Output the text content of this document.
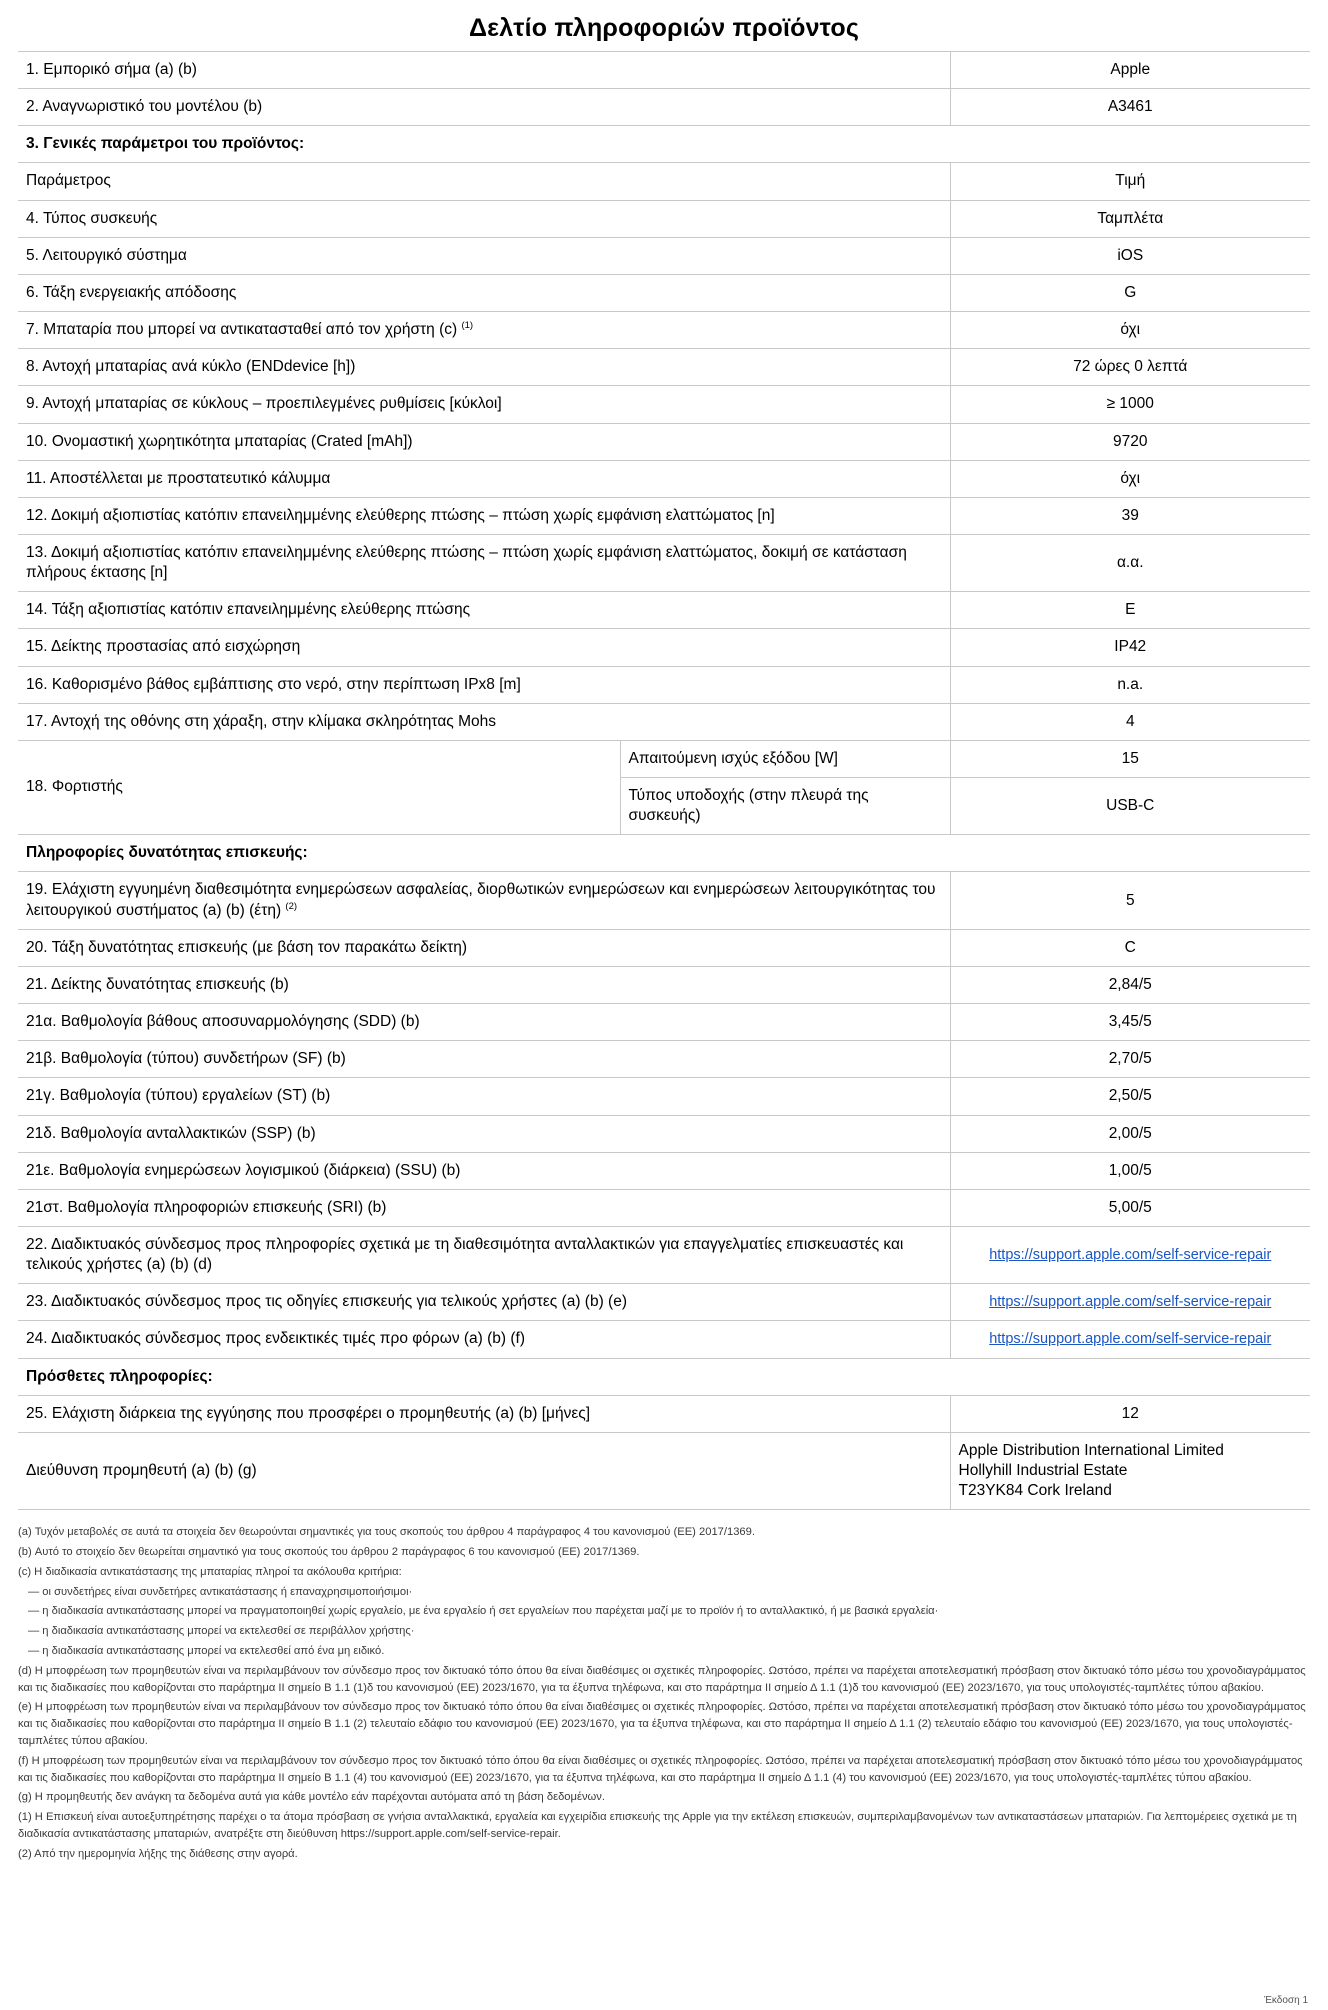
Δελτίο πληροφοριών προϊόντος
1. Εμπορικό σήμα (a) (b)		Apple
2. Αναγνωριστικό του μοντέλου (b)		A3461
3. Γενικές παράμετροι του προϊόντος:		
Παράμετρος		Τιμή
4. Τύπος συσκευής		Ταμπλέτα
5. Λειτουργικό σύστημα		iOS
6. Τάξη ενεργειακής απόδοσης		G
7. Μπαταρία που μπορεί να αντικατασταθεί από τον χρήστη (c) $^{(1)}$		όχι
8. Αντοχή μπαταρίας ανά κύκλο (ENDdevice [h])		72 ώρες 0 λεπτά
9. Αντοχή μπαταρίας σε κύκλους – προεπιλεγμένες ρυθμίσεις [κύκλοι]		≥ 1000
10. Ονομαστική χωρητικότητα μπαταρίας (Crated [mAh])		9720
11. Αποστέλλεται με προστατευτικό κάλυμμα		όχι
12. Δοκιμή αξιοπιστίας κατόπιν επανειλημμένης ελεύθερης πτώσης – πτώση χωρίς εμφάνιση ελαττώματος [n]		39
13. Δοκιμή αξιοπιστίας κατόπιν επανειλημμένης ελεύθερης πτώσης – πτώση χωρίς εμφάνιση ελαττώματος, δοκιμή σε κατάσταση πλήρους έκτασης [n]		α.α.
14. Τάξη αξιοπιστίας κατόπιν επανειλημμένης ελεύθερης πτώσης		E
15. Δείκτης προστασίας από εισχώρηση		IP42
16. Καθορισμένο βάθος εμβάπτισης στο νερό, στην περίπτωση IPx8 [m]		n.a.
17. Αντοχή της οθόνης στη χάραξη, στην κλίμακα σκληρότητας Mohs		4
18. Φορτιστής	Απαιτούμενη ισχύς εξόδου [W]	15
	Τύπος υποδοχής (στην πλευρά της συσκευής)	USB-C
Πληροφορίες δυνατότητας επισκευής:		
19. Ελάχιστη εγγυημένη διαθεσιμότητα ενημερώσεων ασφαλείας, διορθωτικών ενημερώσεων και ενημερώσεων λειτουργικότητας του λειτουργικού συστήματος (a) (b) (έτη) $^{(2)}$		5
20. Τάξη δυνατότητας επισκευής (με βάση τον παρακάτω δείκτη)		C
21. Δείκτης δυνατότητας επισκευής (b)		2,84/5
21α. Βαθμολογία βάθους αποσυναρμολόγησης (SDD) (b)		3,45/5
21β. Βαθμολογία (τύπου) συνδετήρων (SF) (b)		2,70/5
21γ. Βαθμολογία (τύπου) εργαλείων (ST) (b)		2,50/5
21δ. Βαθμολογία ανταλλακτικών (SSP) (b)		2,00/5
21ε. Βαθμολογία ενημερώσεων λογισμικού (διάρκεια) (SSU) (b)		1,00/5
21στ. Βαθμολογία πληροφοριών επισκευής (SRI) (b)		5,00/5
22. Διαδικτυακός σύνδεσμος προς πληροφορίες σχετικά με τη διαθεσιμότητα ανταλλακτικών για επαγγελματίες επισκευαστές και τελικούς χρήστες (a) (b) (d)		https://support.apple.com/self-service-repair
23. Διαδικτυακός σύνδεσμος προς τις οδηγίες επισκευής για τελικούς χρήστες (a) (b) (e)		https://support.apple.com/self-service-repair
24. Διαδικτυακός σύνδεσμος προς ενδεικτικές τιμές προ φόρων (a) (b) (f)		https://support.apple.com/self-service-repair
Πρόσθετες πληροφορίες:		
25. Ελάχιστη διάρκεια της εγγύησης που προσφέρει ο προμηθευτής (a) (b) [μήνες]		12
Διεύθυνση προμηθευτή (a) (b) (g)		Apple Distribution International Limited
Hollyhill Industrial Estate
T23YK84 Cork Ireland

(a) Τυχόν μεταβολές σε αυτά τα στοιχεία δεν θεωρούνται σημαντικές για τους σκοπούς του άρθρου 4 παράγραφος 4 του κανονισμού (ΕΕ) 2017/1369.

(b) Αυτό το στοιχείο δεν θεωρείται σημαντικό για τους σκοπούς του άρθρου 2 παράγραφος 6 του κανονισμού (ΕΕ) 2017/1369.

(c) Η διαδικασία αντικατάστασης της μπαταρίας πληροί τα ακόλουθα κριτήρια:

— οι συνδετήρες είναι συνδετήρες αντικατάστασης ή επαναχρησιμοποιήσιμοι·

— η διαδικασία αντικατάστασης μπορεί να πραγματοποιηθεί χωρίς εργαλείο, με ένα εργαλείο ή σετ εργαλείων που παρέχεται μαζί με το προϊόν ή το ανταλλακτικό, ή με βασικά εργαλεία·

— η διαδικασία αντικατάστασης μπορεί να εκτελεσθεί σε περιβάλλον χρήστης·

— η διαδικασία αντικατάστασης μπορεί να εκτελεσθεί από ένα μη ειδικό.

(d) Η μποφρέωση των προμηθευτών είναι να περιλαμβάνουν τον σύνδεσμο προς τον δικτυακό τόπο όπου θα είναι διαθέσιμες οι σχετικές πληροφορίες. Ωστόσο, πρέπει να παρέχεται αποτελεσματική πρόσβαση στον δικτυακό τόπο μέσω του χρονοδιαγράμματος και τις διαδικασίες που καθορίζονται στο παράρτημα II σημείο B 1.1 (1)δ του κανονισμού (ΕΕ) 2023/1670, για τα έξυπνα τηλέφωνα, και στο παράρτημα II σημείο Δ 1.1 (1)δ του κανονισμού (ΕΕ) 2023/1670, για τους υπολογιστές-ταμπλέτες τύπου αβακίου.

(e) Η μποφρέωση των προμηθευτών είναι να περιλαμβάνουν τον σύνδεσμο προς τον δικτυακό τόπο όπου θα είναι διαθέσιμες οι σχετικές πληροφορίες. Ωστόσο, πρέπει να παρέχεται αποτελεσματική πρόσβαση στον δικτυακό τόπο μέσω του χρονοδιαγράμματος και τις διαδικασίες που καθορίζονται στο παράρτημα II σημείο B 1.1 (2) τελευταίο εδάφιο του κανονισμού (ΕΕ) 2023/1670, για τα έξυπνα τηλέφωνα, και στο παράρτημα II σημείο Δ 1.1 (2) τελευταίο εδάφιο του κανονισμού (ΕΕ) 2023/1670, για τους υπολογιστές-ταμπλέτες τύπου αβακίου.

(f) Η μποφρέωση των προμηθευτών είναι να περιλαμβάνουν τον σύνδεσμο προς τον δικτυακό τόπο όπου θα είναι διαθέσιμες οι σχετικές πληροφορίες. Ωστόσο, πρέπει να παρέχεται αποτελεσματική πρόσβαση στον δικτυακό τόπο μέσω του χρονοδιαγράμματος και τις διαδικασίες που καθορίζονται στο παράρτημα II σημείο B 1.1 (4) του κανονισμού (ΕΕ) 2023/1670, για τα έξυπνα τηλέφωνα, και στο παράρτημα II σημείο Δ 1.1 (4) του κανονισμού (ΕΕ) 2023/1670, για τους υπολογιστές-ταμπλέτες τύπου αβακίου.

(g) Η προμηθευτής δεν ανάγκη τα δεδομένα αυτά για κάθε μοντέλο εάν παρέχονται αυτόματα από τη βάση δεδομένων.

(1) Η Επισκευή είναι αυτοεξυπηρέτησης παρέχει ο τα άτομα πρόσβαση σε γνήσια ανταλλακτικά, εργαλεία και εγχειρίδια επισκευής της Apple για την εκτέλεση επισκευών, συμπεριλαμβανομένων των αντικαταστάσεων μπαταριών. Για λεπτομέρειες σχετικά με τη διαδικασία αντικατάστασης μπαταριών, ανατρέξτε στη διεύθυνση https://support.apple.com/self-service-repair.

(2) Από την ημερομηνία λήξης της διάθεσης στην αγορά.

Έκδοση 1
